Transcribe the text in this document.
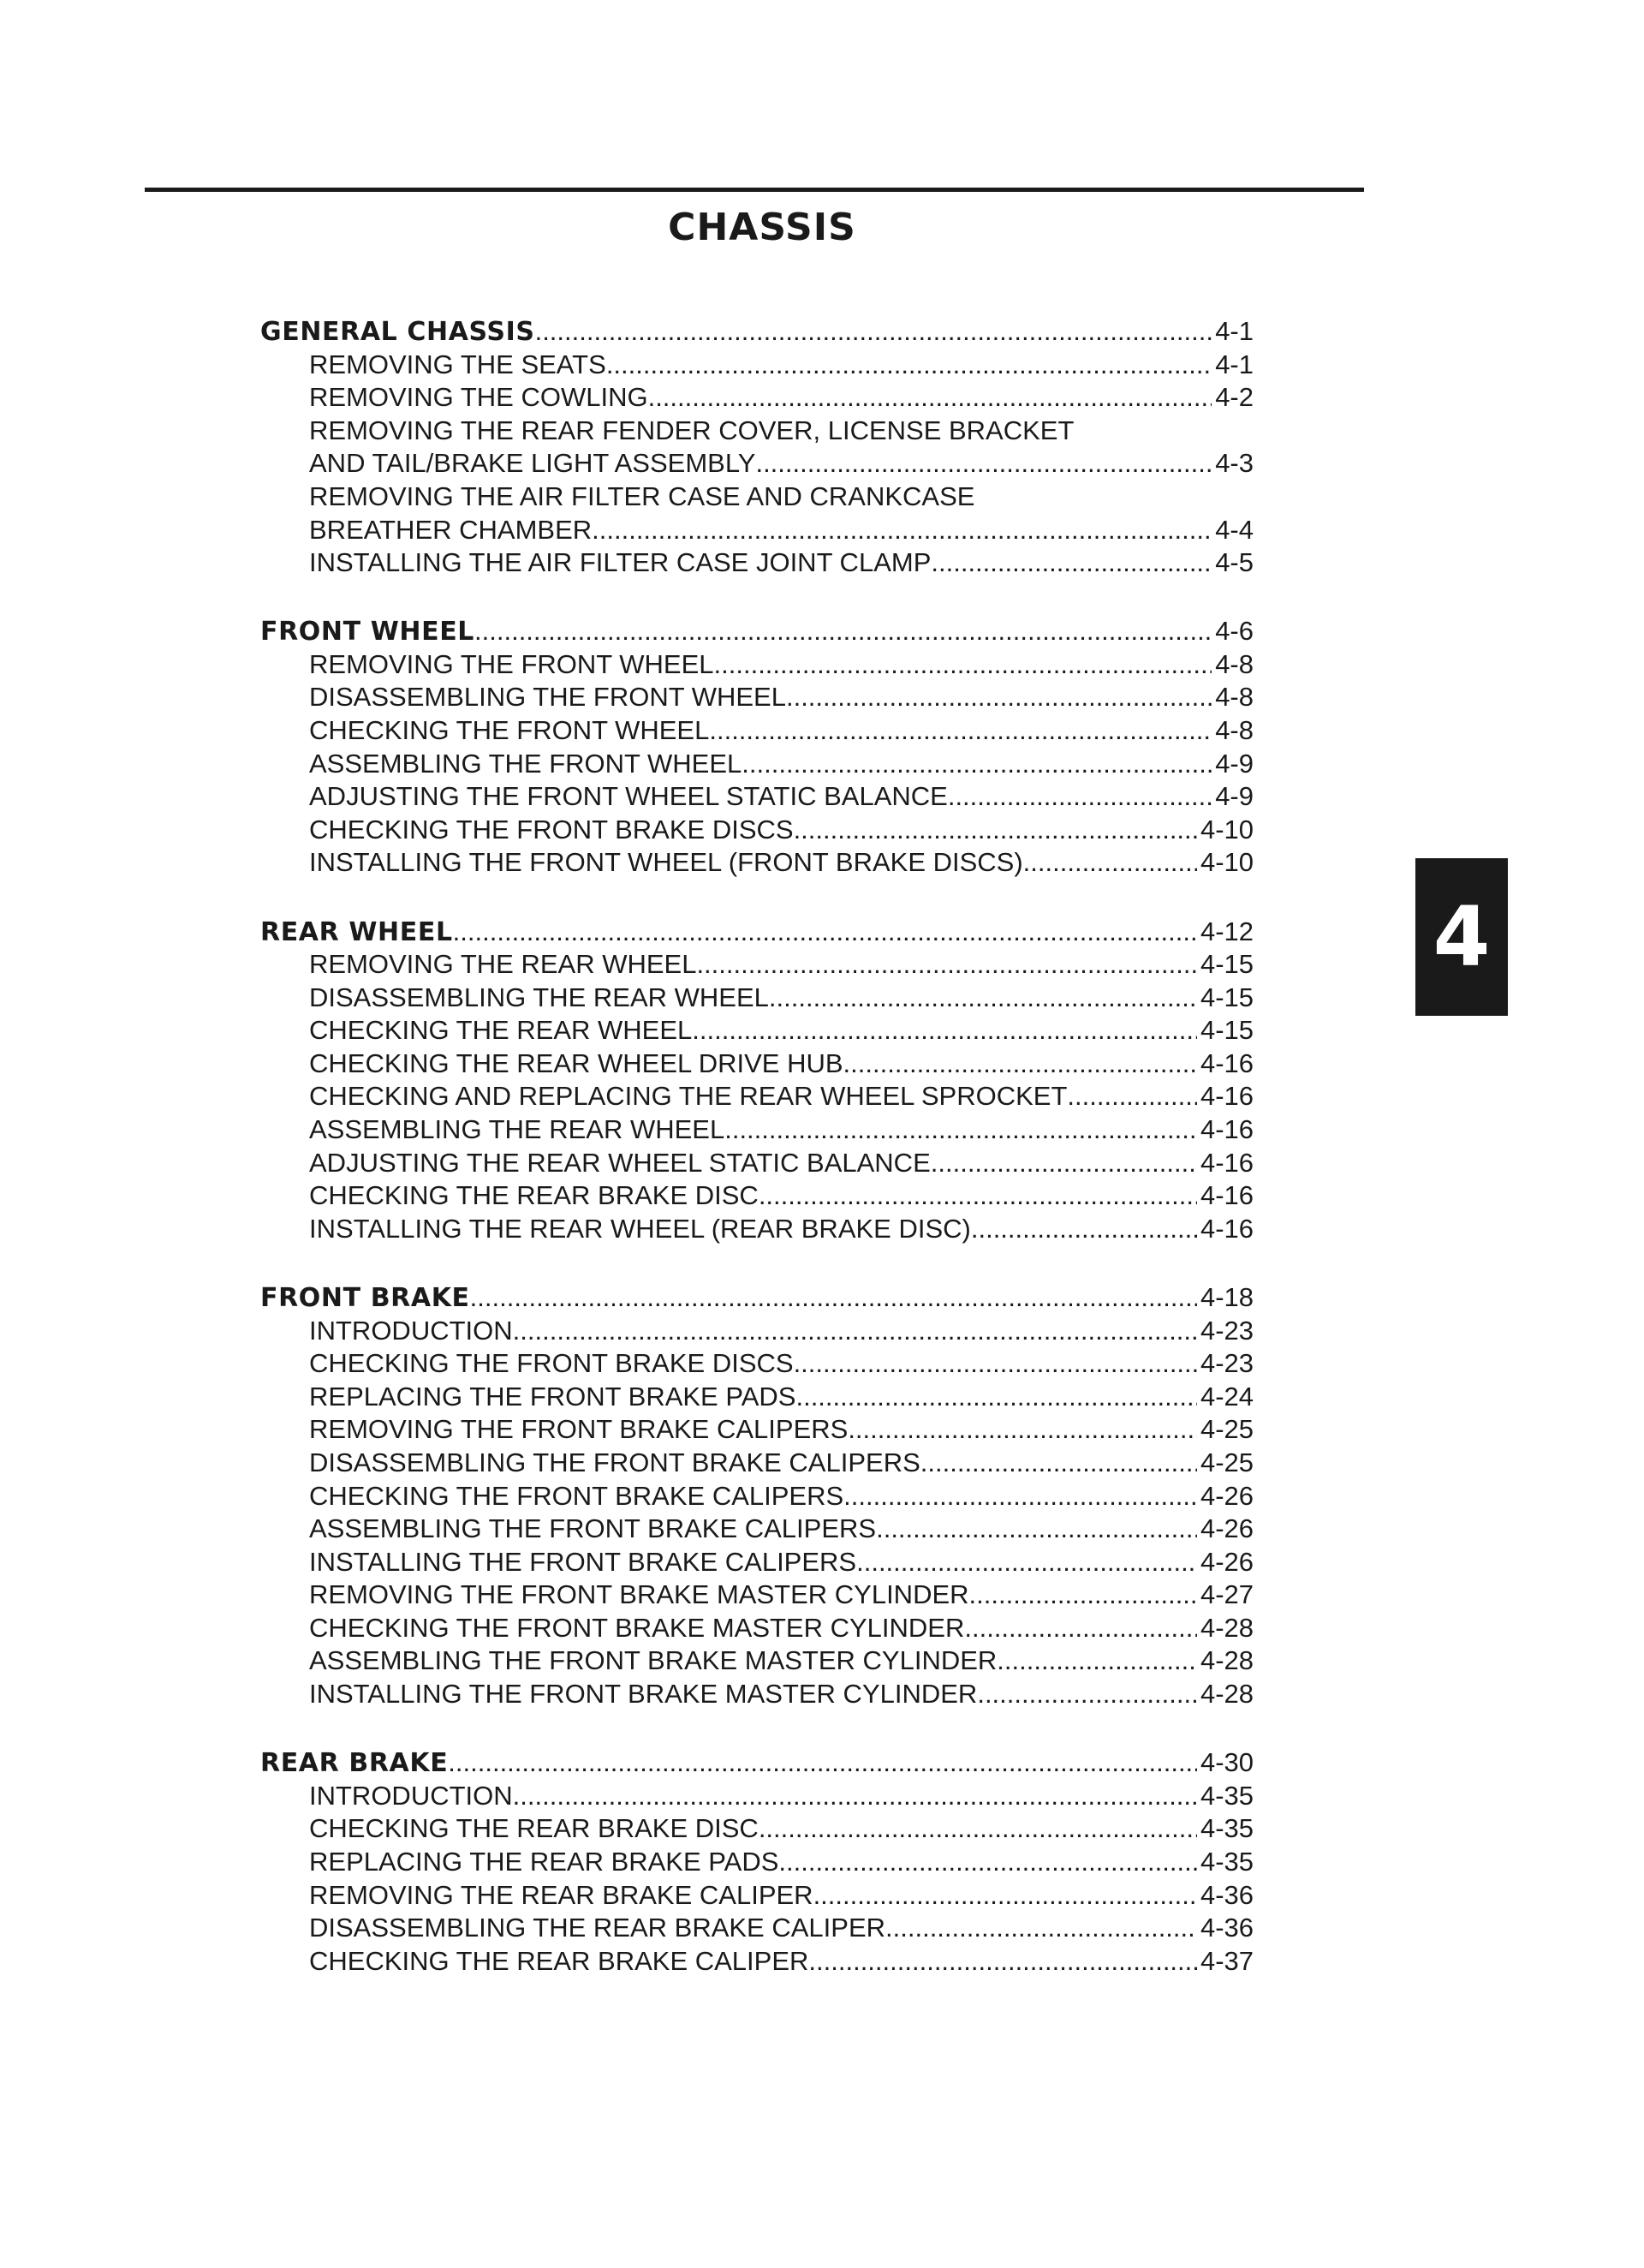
CHASSIS
GENERAL CHASSIS .....	4-1
REMOVING THE SEATS .....	4-1
REMOVING THE COWLING .....	4-2
REMOVING THE REAR FENDER COVER, LICENSE BRACKET
AND TAIL/BRAKE LIGHT ASSEMBLY .....	4-3
REMOVING THE AIR FILTER CASE AND CRANKCASE
BREATHER CHAMBER .....	4-4
INSTALLING THE AIR FILTER CASE JOINT CLAMP .....	4-5
FRONT WHEEL .....	4-6
REMOVING THE FRONT WHEEL .....	4-8
DISASSEMBLING THE FRONT WHEEL .....	4-8
CHECKING THE FRONT WHEEL .....	4-8
ASSEMBLING THE FRONT WHEEL .....	4-9
ADJUSTING THE FRONT WHEEL STATIC BALANCE .....	4-9
CHECKING THE FRONT BRAKE DISCS .....	4-10
INSTALLING THE FRONT WHEEL (FRONT BRAKE DISCS) .....	4-10
REAR WHEEL .....	4-12
REMOVING THE REAR WHEEL .....	4-15
DISASSEMBLING THE REAR WHEEL .....	4-15
CHECKING THE REAR WHEEL .....	4-15
CHECKING THE REAR WHEEL DRIVE HUB .....	4-16
CHECKING AND REPLACING THE REAR WHEEL SPROCKET .....	4-16
ASSEMBLING THE REAR WHEEL .....	4-16
ADJUSTING THE REAR WHEEL STATIC BALANCE .....	4-16
CHECKING THE REAR BRAKE DISC .....	4-16
INSTALLING THE REAR WHEEL (REAR BRAKE DISC) .....	4-16
FRONT BRAKE .....	4-18
INTRODUCTION .....	4-23
CHECKING THE FRONT BRAKE DISCS .....	4-23
REPLACING THE FRONT BRAKE PADS .....	4-24
REMOVING THE FRONT BRAKE CALIPERS .....	4-25
DISASSEMBLING THE FRONT BRAKE CALIPERS .....	4-25
CHECKING THE FRONT BRAKE CALIPERS .....	4-26
ASSEMBLING THE FRONT BRAKE CALIPERS .....	4-26
INSTALLING THE FRONT BRAKE CALIPERS .....	4-26
REMOVING THE FRONT BRAKE MASTER CYLINDER .....	4-27
CHECKING THE FRONT BRAKE MASTER CYLINDER .....	4-28
ASSEMBLING THE FRONT BRAKE MASTER CYLINDER .....	4-28
INSTALLING THE FRONT BRAKE MASTER CYLINDER .....	4-28
REAR BRAKE .....	4-30
INTRODUCTION .....	4-35
CHECKING THE REAR BRAKE DISC .....	4-35
REPLACING THE REAR BRAKE PADS .....	4-35
REMOVING THE REAR BRAKE CALIPER .....	4-36
DISASSEMBLING THE REAR BRAKE CALIPER .....	4-36
CHECKING THE REAR BRAKE CALIPER .....	4-37
4
